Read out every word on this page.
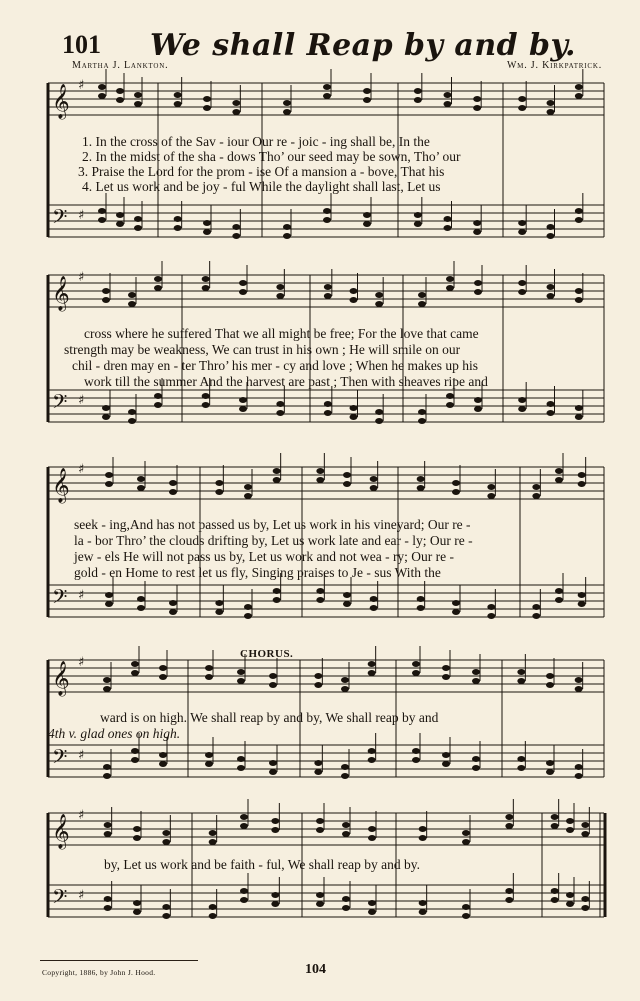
101 We shall Reap by and by.
Martha J. Lankton.	Wm. J. Kirkpatrick.
♯
♯
𝄞
𝄢
♯
♯
𝄞
𝄢
♯
♯
𝄞
𝄢
♯
♯
𝄞
𝄢
♯
♯
𝄞
𝄢
1. In the cross of the Sav - iour Our re - joic - ing shall be, In the
2. In the midst of the sha - dows Tho’ our seed may be sown, Tho’ our
3. Praise the Lord for the prom - ise Of a mansion a - bove, That his
4. Let us work and be joy - ful While the daylight shall last, Let us
cross where he suffered That we all might be free; For the love that came
strength may be weakness, We can trust in his own ; He will smile on our
chil - dren may en - ter Thro’ his mer - cy and love ; When he makes up his
work till the summer And the harvest are past ; Then with sheaves ripe and
seek - ing,And has not passed us by, Let us work in his vineyard; Our re -
la - bor Thro’ the clouds drifting by, Let us work late and ear - ly; Our re -
jew - els He will not pass us by, Let us work and not wea - ry; Our re -
gold - en Home to rest let us fly, Singing praises to Je - sus With the
CHORUS.
ward is on high. We shall reap by and by, We shall reap by and
4th v. glad ones on high.
by, Let us work and be faith - ful, We shall reap by and by.
Copyright, 1886, by John J. Hood.	104
